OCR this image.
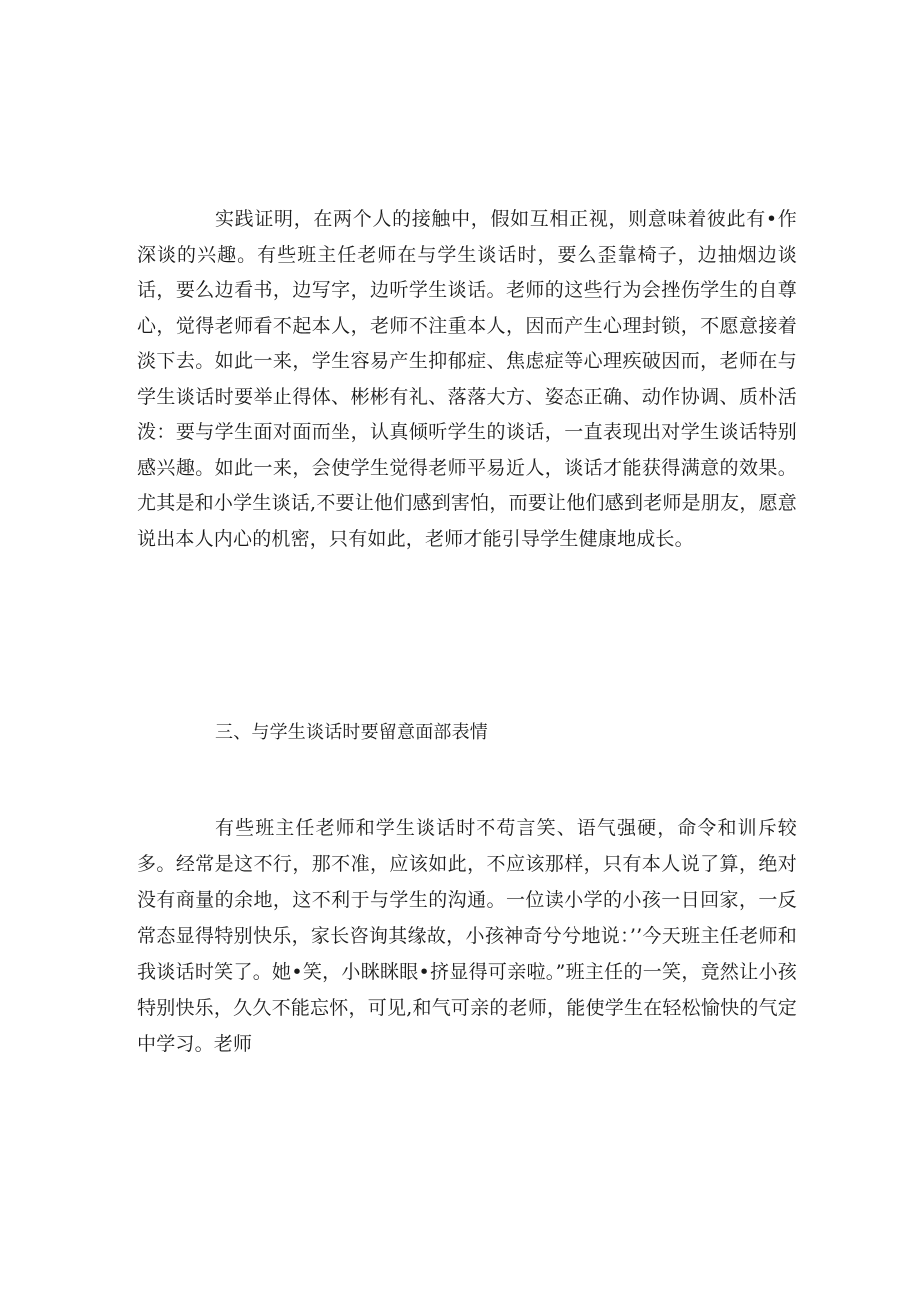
实践证明，在两个人的接触中，假如互相正视，则意味着彼此有•作深谈的兴趣。有些班主任老师在与学生谈话时，要么歪靠椅子，边抽烟边谈话，要么边看书，边写字，边听学生谈话。老师的这些行为会挫伤学生的自尊心，觉得老师看不起本人，老师不注重本人，因而产生心理封锁，不愿意接着淡下去。如此一来，学生容易产生抑郁症、焦虑症等心理疾破因而，老师在与学生谈话时要举止得体、彬彬有礼、落落大方、姿态正确、动作协调、质朴活泼：要与学生面对面而坐，认真倾听学生的谈话，一直表现出对学生谈话特别感兴趣。如此一来，会使学生觉得老师平易近人，谈话才能获得满意的效果。尤其是和小学生谈话,不要让他们感到害怕，而要让他们感到老师是朋友，愿意说出本人内心的机密，只有如此，老师才能引导学生健康地成长。

三、与学生谈话时要留意面部表情

有些班主任老师和学生谈话时不苟言笑、语气强硬，命令和训斥较多。经常是这不行，那不准，应该如此，不应该那样，只有本人说了算，绝对没有商量的余地，这不利于与学生的沟通。一位读小学的小孩一日回家，一反常态显得特别快乐，家长咨询其缘故，小孩神奇兮兮地说：’’今天班主任老师和我谈话时笑了。她•笑，小眯眯眼•挤显得可亲啦。”班主任的一笑，竟然让小孩特别快乐，久久不能忘怀，可见,和气可亲的老师，能使学生在轻松愉快的气定中学习。老师
